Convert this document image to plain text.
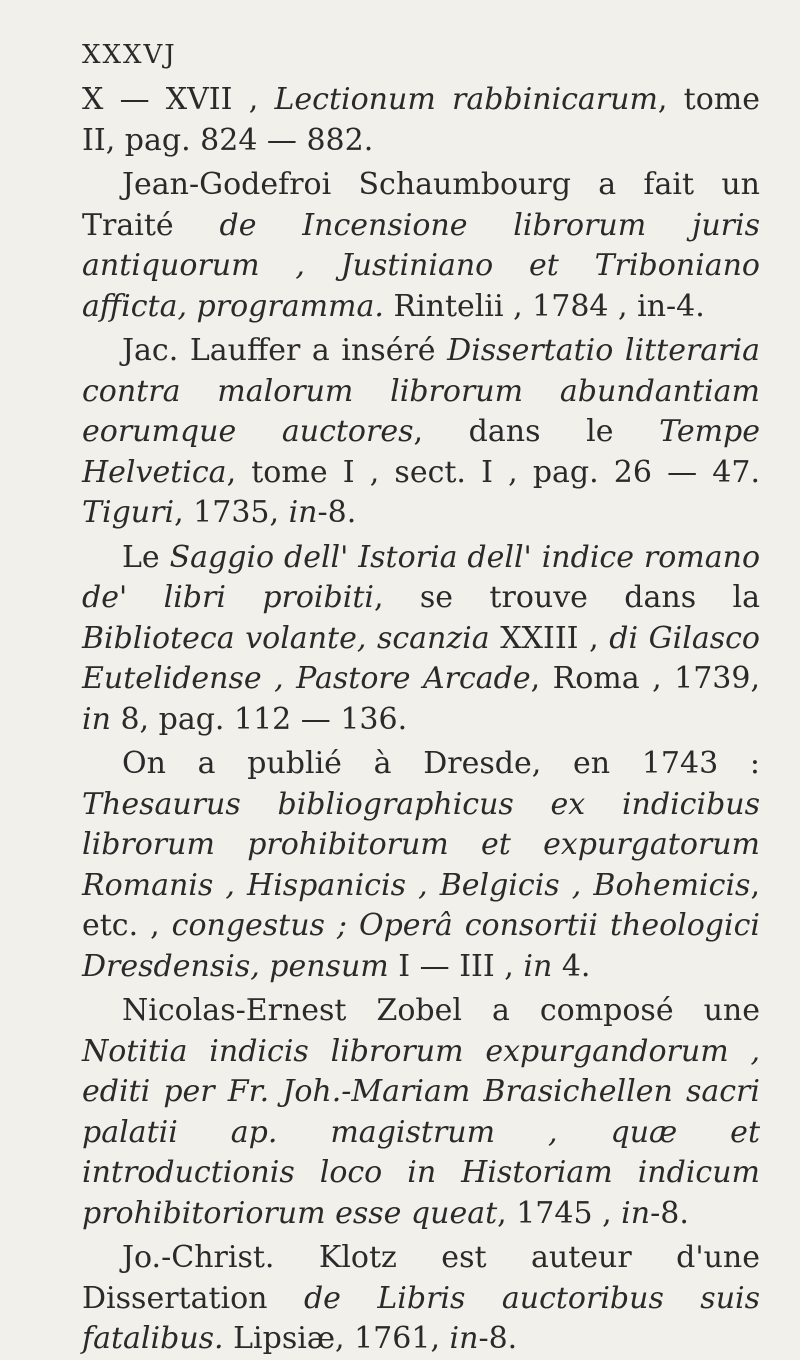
XXXVJ

X — XVII , Lectionum rabbinicarum, tome II, pag. 824 — 882.

Jean-Godefroi Schaumbourg a fait un Traité de Incensione librorum juris antiquorum , Justiniano et Triboniano afficta, programma. Rintelii , 1784 , in-4.

Jac. Lauffer a inséré Dissertatio litteraria contra malorum librorum abundantiam eorumque auctores, dans le Tempe Helvetica, tome I , sect. I , pag. 26 — 47. Tiguri, 1735, in-8.

Le Saggio dell' Istoria dell' indice romano de' libri proibiti, se trouve dans la Biblioteca volante, scanzia XXIII , di Gilasco Eutelidense , Pastore Arcade, Roma , 1739, in 8, pag. 112 — 136.

On a publié à Dresde, en 1743 : Thesaurus bibliographicus ex indicibus librorum prohibitorum et expurgatorum Romanis , Hispanicis , Belgicis , Bohemicis, etc. , congestus ; Operâ consortii theologici Dresdensis, pensum I — III , in 4.

Nicolas-Ernest Zobel a composé une Notitia indicis librorum expurgandorum , editi per Fr. Joh.-Mariam Brasichellen sacri palatii ap. magistrum , quæ et introductionis loco in Historiam indicum prohibitoriorum esse queat, 1745 , in-8.

Jo.-Christ. Klotz est auteur d'une Dissertation de Libris auctoribus suis fatalibus. Lipsiæ, 1761, in-8.
